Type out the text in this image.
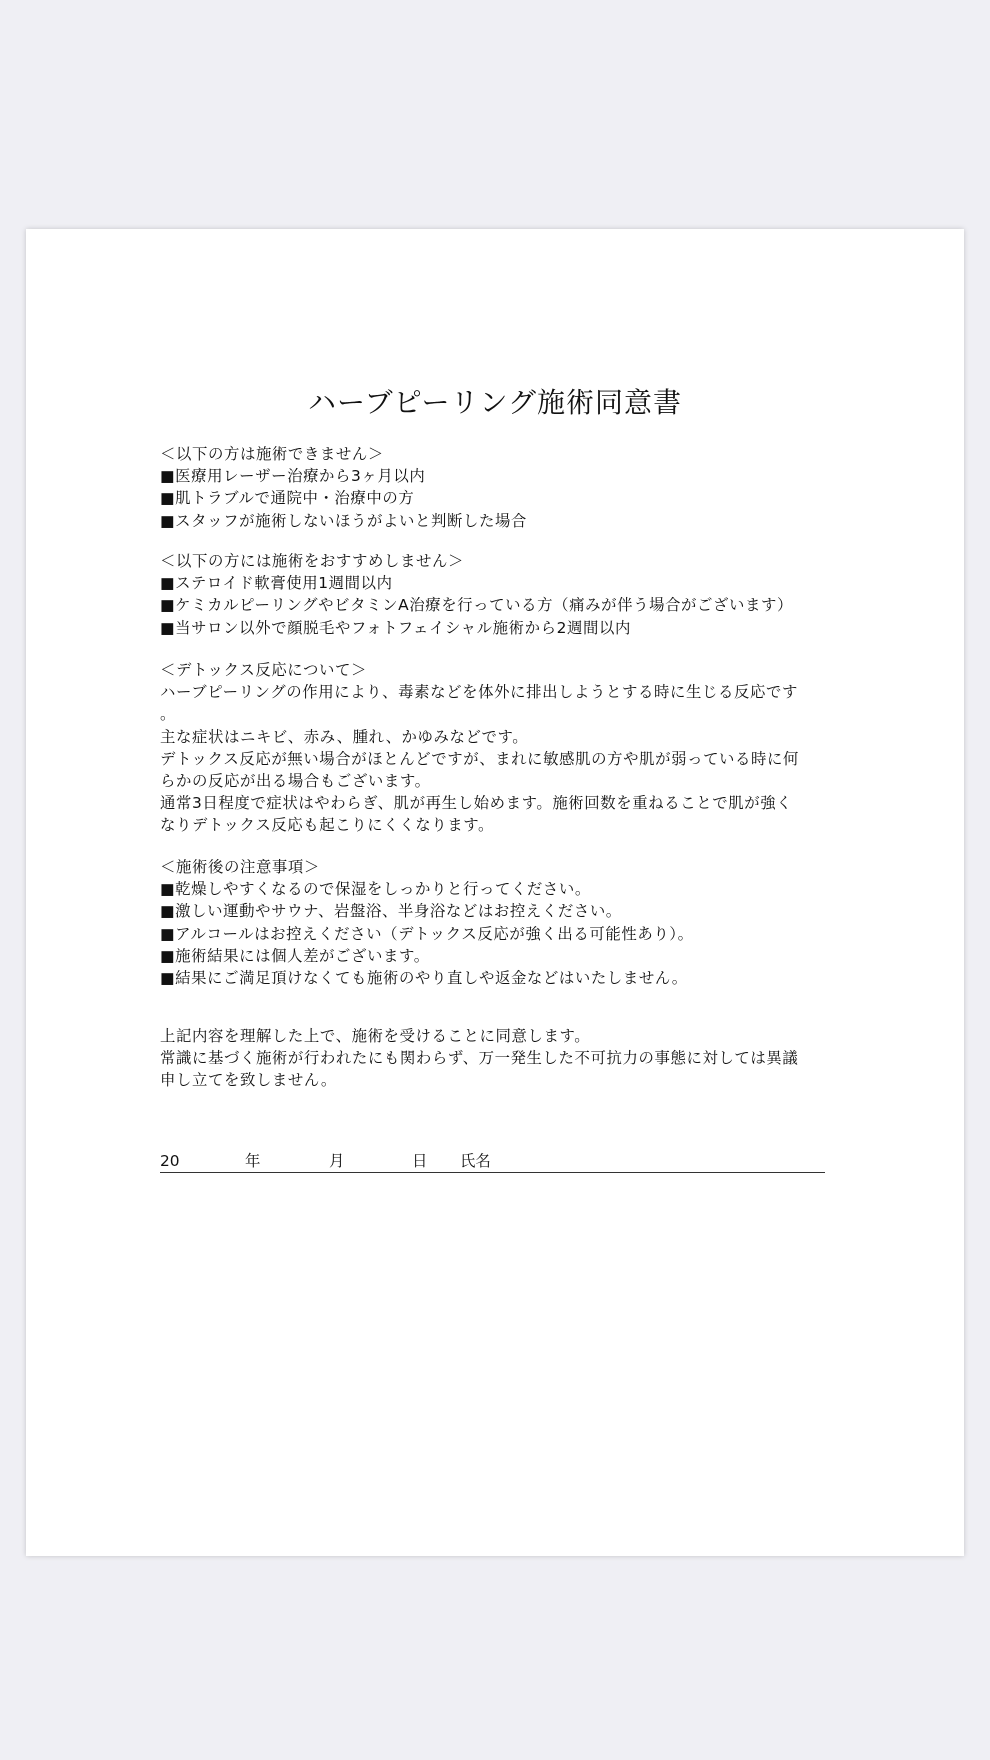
ハーブピーリング施術同意書
＜以下の方は施術できません＞
■医療用レーザー治療から3ヶ月以内
■肌トラブルで通院中・治療中の方
■スタッフが施術しないほうがよいと判断した場合
＜以下の方には施術をおすすめしません＞
■ステロイド軟膏使用1週間以内
■ケミカルピーリングやビタミンA治療を行っている方（痛みが伴う場合がございます）
■当サロン以外で顔脱毛やフォトフェイシャル施術から2週間以内
＜デトックス反応について＞
ハーブピーリングの作用により、毒素などを体外に排出しようとする時に生じる反応です
。
主な症状はニキビ、赤み、腫れ、かゆみなどです。
デトックス反応が無い場合がほとんどですが、まれに敏感肌の方や肌が弱っている時に何
らかの反応が出る場合もございます。
通常3日程度で症状はやわらぎ、肌が再生し始めます。施術回数を重ねることで肌が強く
なりデトックス反応も起こりにくくなります。
＜施術後の注意事項＞
■乾燥しやすくなるので保湿をしっかりと行ってください。
■激しい運動やサウナ、岩盤浴、半身浴などはお控えください。
■アルコールはお控えください（デトックス反応が強く出る可能性あり）。
■施術結果には個人差がございます。
■結果にご満足頂けなくても施術のやり直しや返金などはいたしません。
上記内容を理解した上で、施術を受けることに同意します。
常識に基づく施術が行われたにも関わらず、万一発生した不可抗力の事態に対しては異議
申し立てを致しません。
20	年	月	日 氏名
